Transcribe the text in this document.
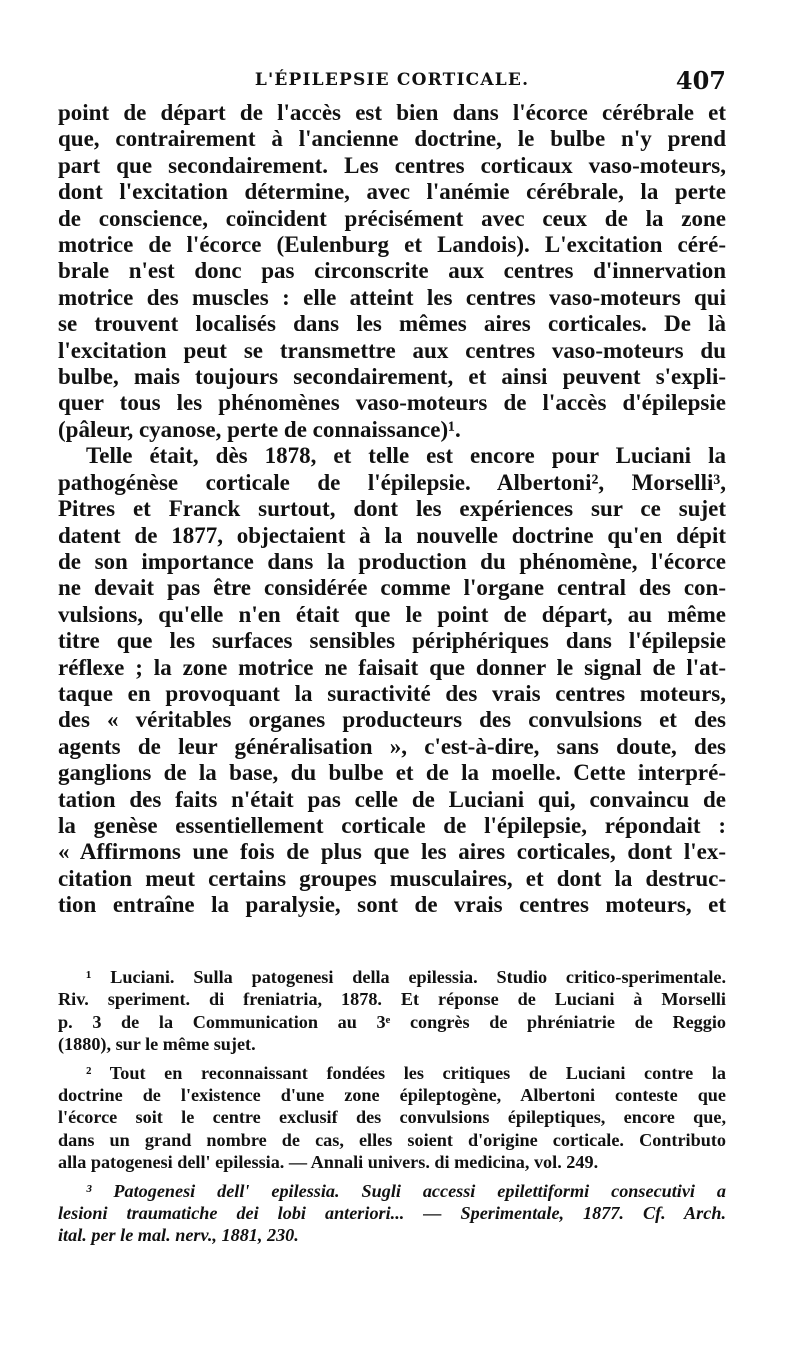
L'ÉPILEPSIE CORTICALE.	407
point de départ de l'accès est bien dans l'écorce cérébrale et
que, contrairement à l'ancienne doctrine, le bulbe n'y prend
part que secondairement. Les centres corticaux vaso-moteurs,
dont l'excitation détermine, avec l'anémie cérébrale, la perte
de conscience, coïncident précisément avec ceux de la zone
motrice de l'écorce (Eulenburg et Landois). L'excitation céré-
brale n'est donc pas circonscrite aux centres d'innervation
motrice des muscles : elle atteint les centres vaso-moteurs qui
se trouvent localisés dans les mêmes aires corticales. De là
l'excitation peut se transmettre aux centres vaso-moteurs du
bulbe, mais toujours secondairement, et ainsi peuvent s'expli-
quer tous les phénomènes vaso-moteurs de l'accès d'épilepsie
(pâleur, cyanose, perte de connaissance)¹.
Telle était, dès 1878, et telle est encore pour Luciani la
pathogénèse corticale de l'épilepsie. Albertoni², Morselli³,
Pitres et Franck surtout, dont les expériences sur ce sujet
datent de 1877, objectaient à la nouvelle doctrine qu'en dépit
de son importance dans la production du phénomène, l'écorce
ne devait pas être considérée comme l'organe central des con-
vulsions, qu'elle n'en était que le point de départ, au même
titre que les surfaces sensibles périphériques dans l'épilepsie
réflexe ; la zone motrice ne faisait que donner le signal de l'at-
taque en provoquant la suractivité des vrais centres moteurs,
des « véritables organes producteurs des convulsions et des
agents de leur généralisation », c'est-à-dire, sans doute, des
ganglions de la base, du bulbe et de la moelle. Cette interpré-
tation des faits n'était pas celle de Luciani qui, convaincu de
la genèse essentiellement corticale de l'épilepsie, répondait :
« Affirmons une fois de plus que les aires corticales, dont l'ex-
citation meut certains groupes musculaires, et dont la destruc-
tion entraîne la paralysie, sont de vrais centres moteurs, et
¹ Luciani. Sulla patogenesi della epilessia. Studio critico-sperimentale.
Riv. speriment. di freniatria, 1878. Et réponse de Luciani à Morselli
p. 3 de la Communication au 3ᵉ congrès de phréniatrie de Reggio
(1880), sur le même sujet.
² Tout en reconnaissant fondées les critiques de Luciani contre la
doctrine de l'existence d'une zone épileptogène, Albertoni conteste que
l'écorce soit le centre exclusif des convulsions épileptiques, encore que,
dans un grand nombre de cas, elles soient d'origine corticale. Contributo
alla patogenesi dell' epilessia. — Annali univers. di medicina, vol. 249.
³ Patogenesi dell' epilessia. Sugli accessi epilettiformi consecutivi a
lesioni traumatiche dei lobi anteriori... — Sperimentale, 1877. Cf. Arch.
ital. per le mal. nerv., 1881, 230.
